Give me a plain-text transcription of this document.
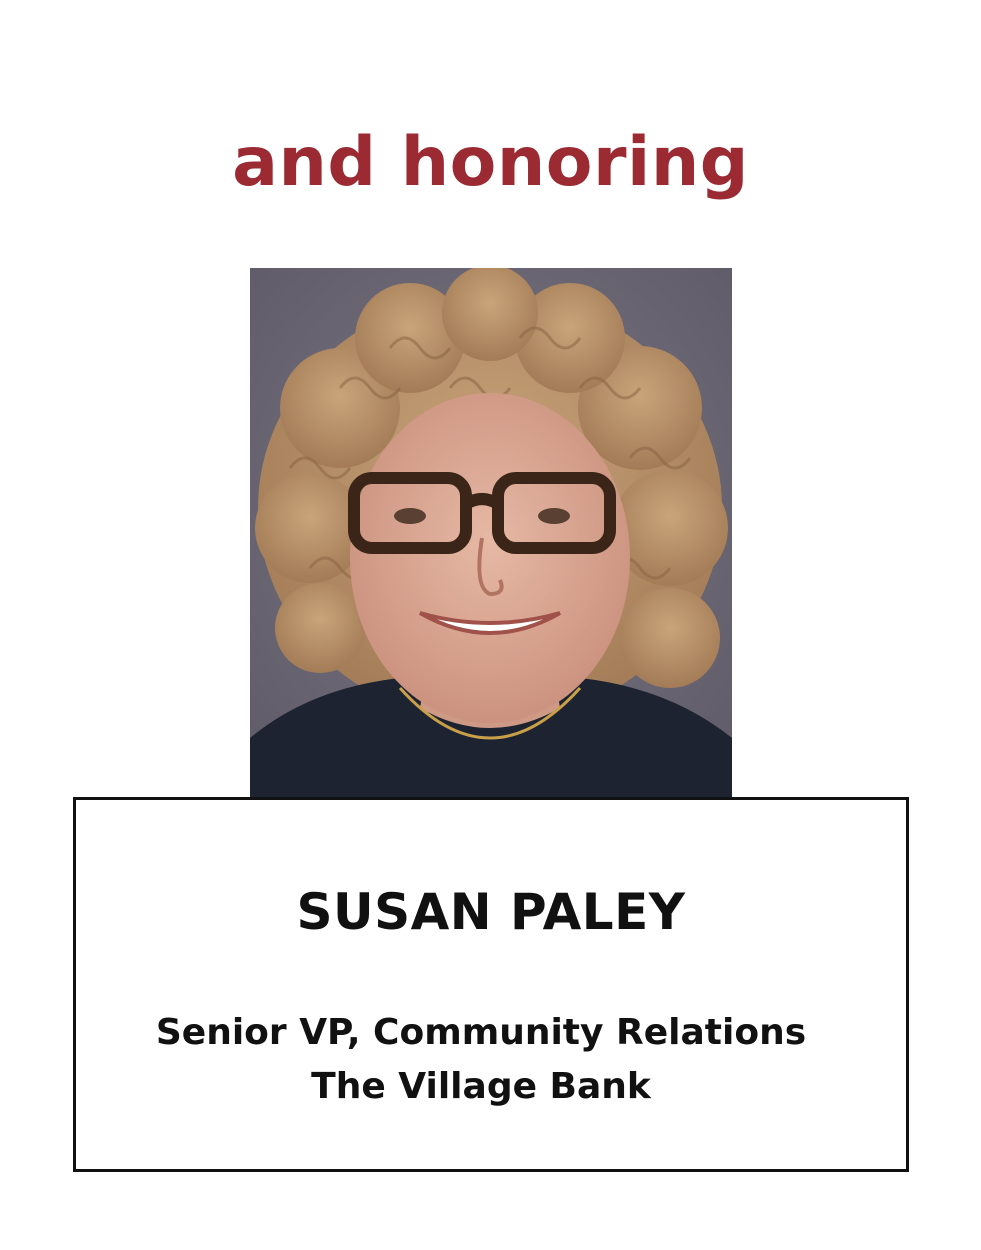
and honoring
SUSAN PALEY
Senior VP, Community Relations
The Village Bank
